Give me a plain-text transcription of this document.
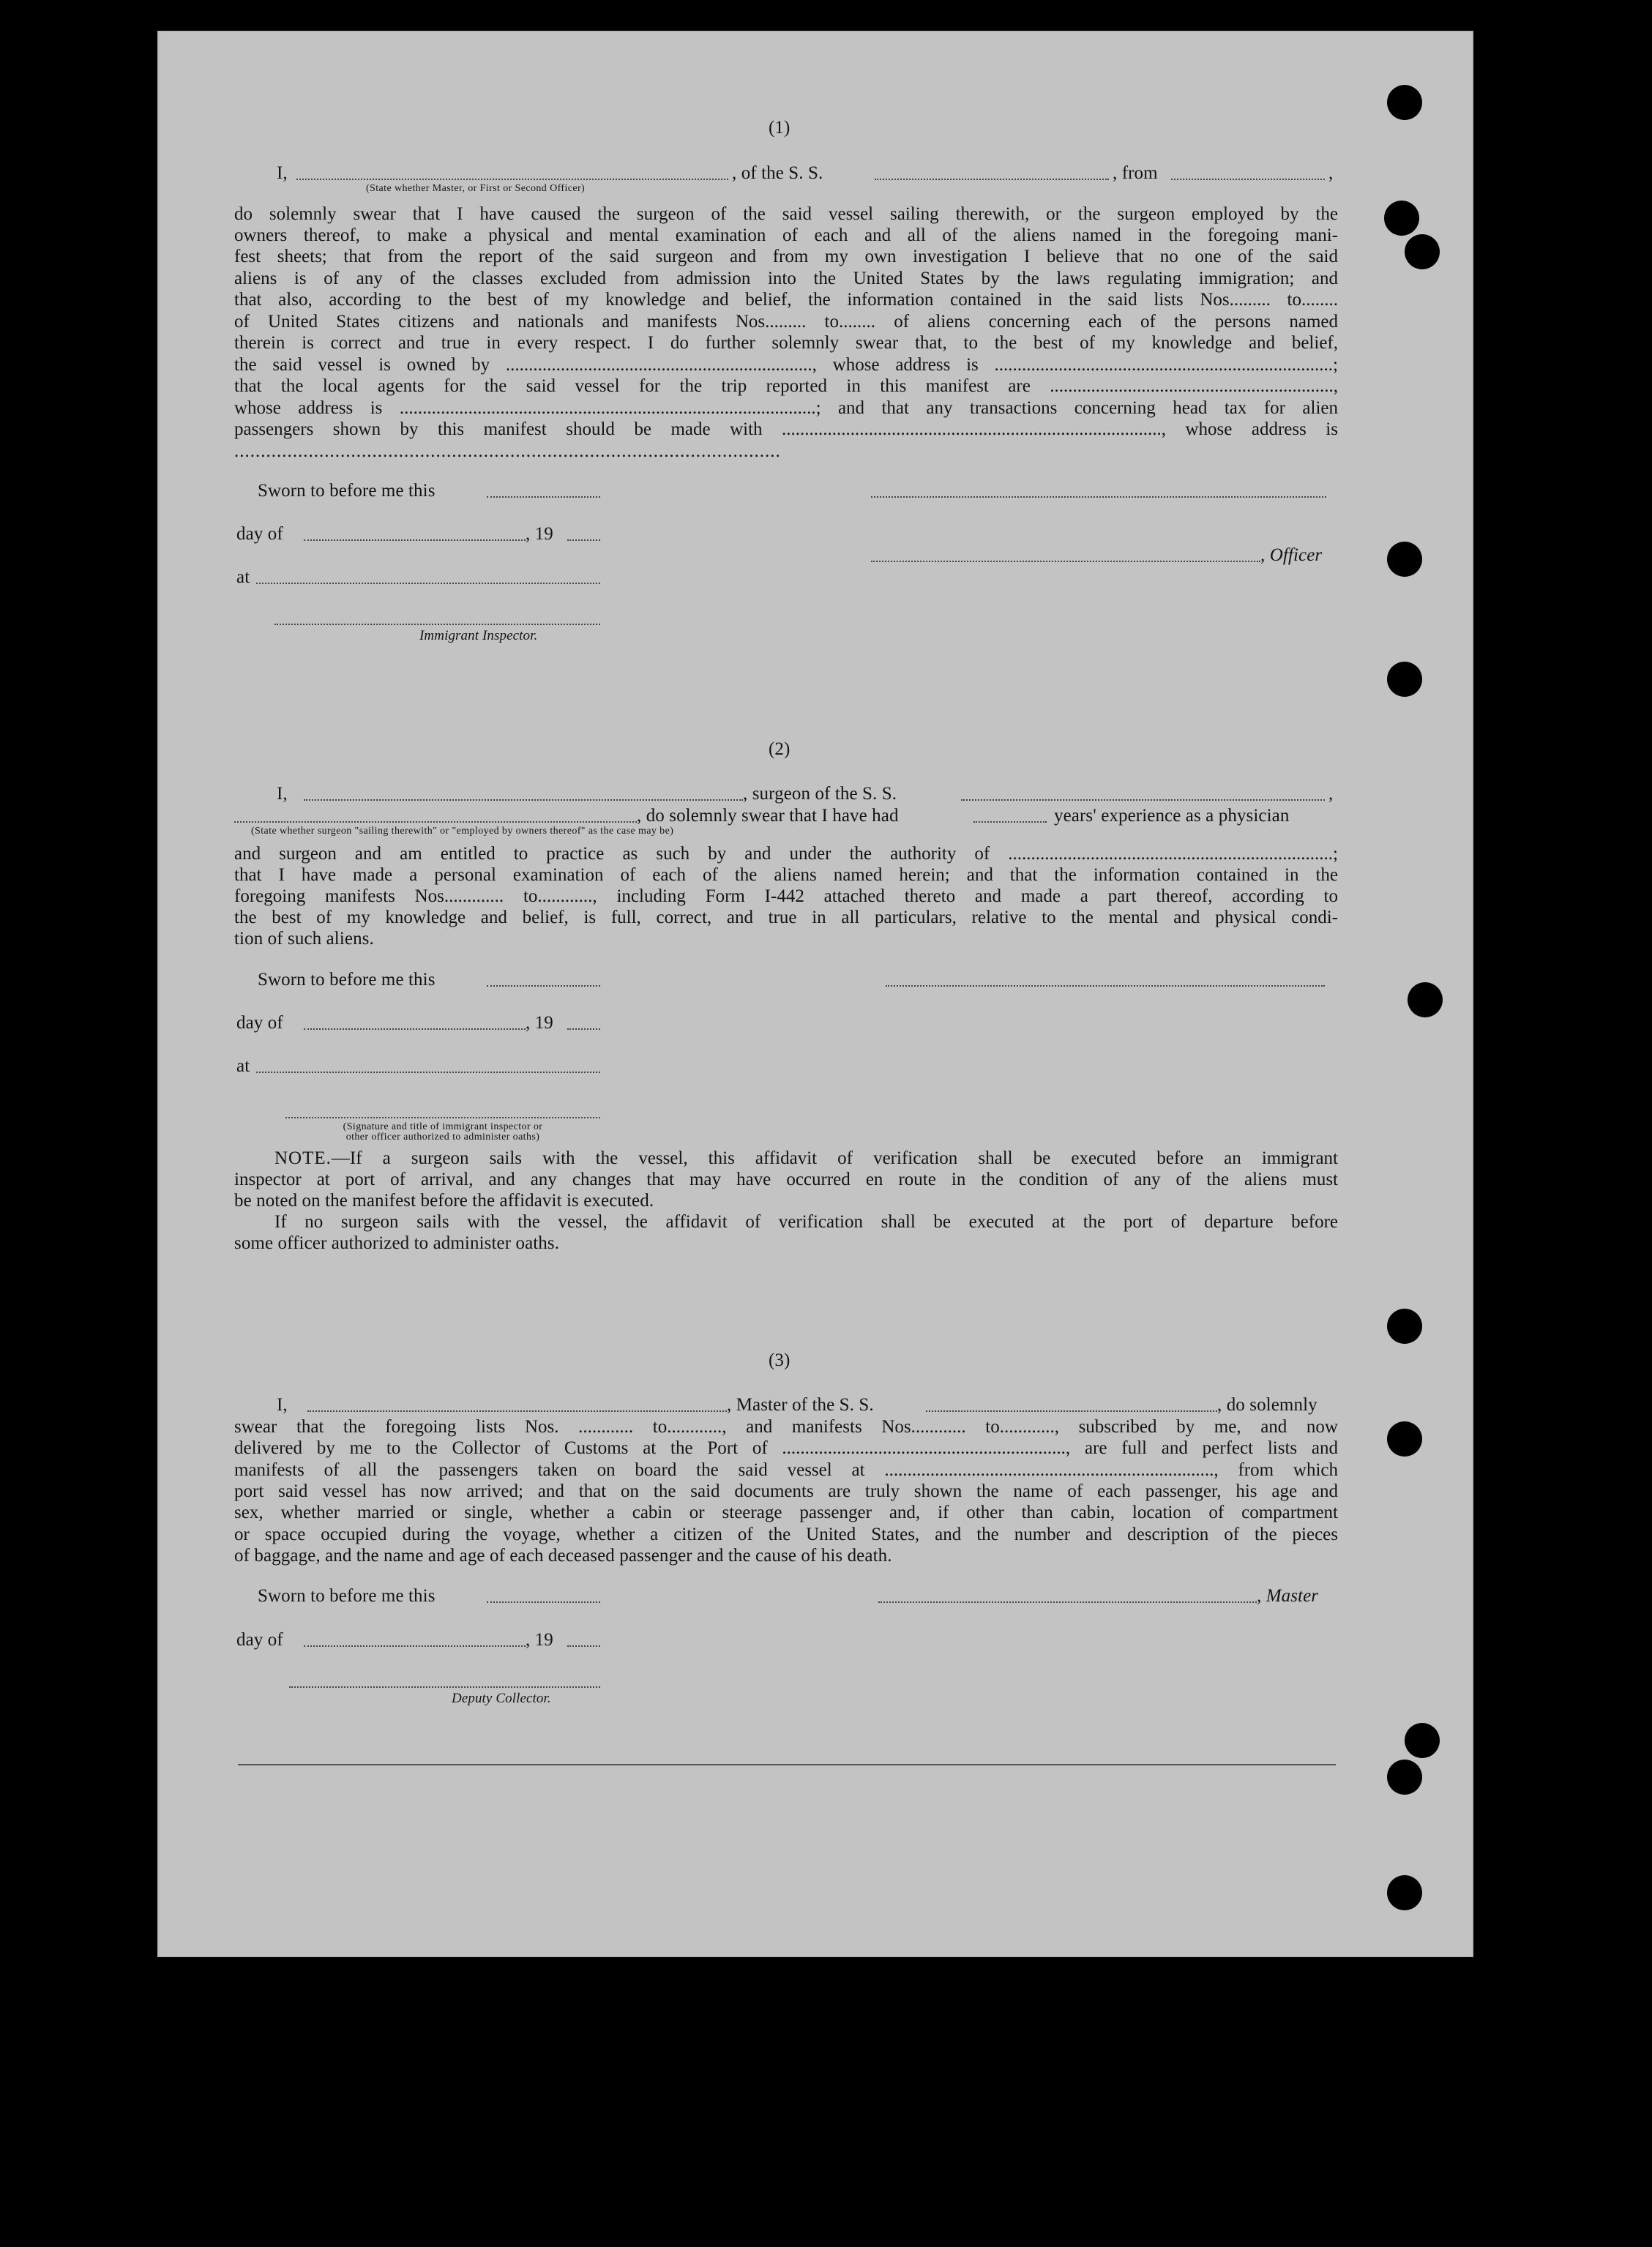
(1)
I,	, of the S. S.	, from	,
(State whether Master, or First or Second Officer)
do solemnly swear that I have caused the surgeon of the said vessel sailing therewith, or the surgeon employed by the
owners thereof, to make a physical and mental examination of each and all of the aliens named in the foregoing mani-
fest sheets; that from the report of the said surgeon and from my own investigation I believe that no one of the said
aliens is of any of the classes excluded from admission into the United States by the laws regulating immigration; and
that also, according to the best of my knowledge and belief, the information contained in the said lists Nos......... to........
of United States citizens and nationals and manifests Nos......... to........ of aliens concerning each of the persons named
therein is correct and true in every respect. I do further solemnly swear that, to the best of my knowledge and belief,
the said vessel is owned by ..................................................................., whose address is ..........................................................................;
that the local agents for the said vessel for the trip reported in this manifest are ..............................................................,
whose address is ...........................................................................................; and that any transactions concerning head tax for alien
passengers shown by this manifest should be made with ..................................................................................., whose address is
.......................................................................................................
Sworn to before me this
day of	, 19
, Officer
at
Immigrant Inspector.
(2)
I,	, surgeon of the S. S.	,
, do solemnly swear that I have had	years' experience as a physician
(State whether surgeon "sailing therewith" or "employed by owners thereof" as the case may be)
and surgeon and am entitled to practice as such by and under the authority of .......................................................................;
that I have made a personal examination of each of the aliens named herein; and that the information contained in the
foregoing manifests Nos............. to............, including Form I-442 attached thereto and made a part thereof, according to
the best of my knowledge and belief, is full, correct, and true in all particulars, relative to the mental and physical condi-
tion of such aliens.
Sworn to before me this
day of	, 19
at
(Signature and title of immigrant inspector or
other officer authorized to administer oaths)
NOTE.—If a surgeon sails with the vessel, this affidavit of verification shall be executed before an immigrant
inspector at port of arrival, and any changes that may have occurred en route in the condition of any of the aliens must
be noted on the manifest before the affidavit is executed.
If no surgeon sails with the vessel, the affidavit of verification shall be executed at the port of departure before
some officer authorized to administer oaths.
(3)
I,	, Master of the S. S.	, do solemnly
swear that the foregoing lists Nos. ............ to............, and manifests Nos............ to............, subscribed by me, and now
delivered by me to the Collector of Customs at the Port of .............................................................., are full and perfect lists and
manifests of all the passengers taken on board the said vessel at ........................................................................, from which
port said vessel has now arrived; and that on the said documents are truly shown the name of each passenger, his age and
sex, whether married or single, whether a cabin or steerage passenger and, if other than cabin, location of compartment
or space occupied during the voyage, whether a citizen of the United States, and the number and description of the pieces
of baggage, and the name and age of each deceased passenger and the cause of his death.
Sworn to before me this	, Master
day of	, 19
Deputy Collector.
